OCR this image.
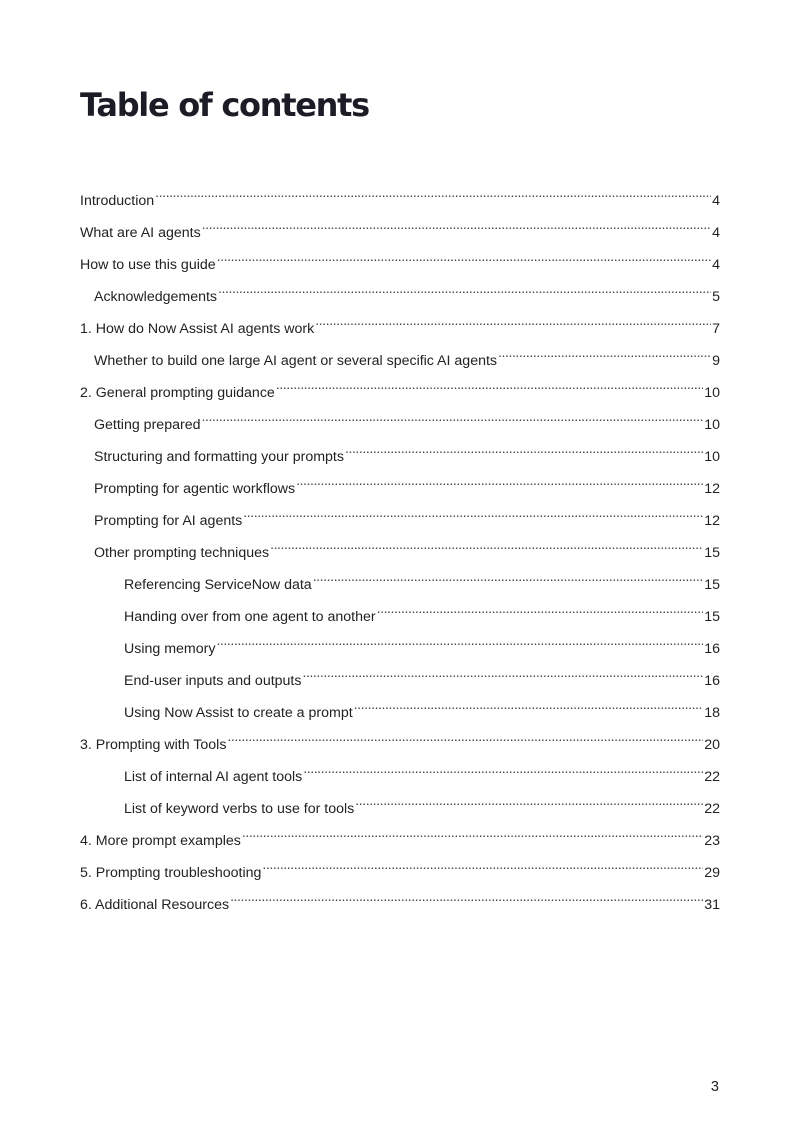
Table of contents
Introduction . . .	4
What are AI agents . . .	4
How to use this guide . . .	4
Acknowledgements . . .	5
1. How do Now Assist AI agents work . . .	7
Whether to build one large AI agent or several specific AI agents . . .	9
2. General prompting guidance . . .	10
Getting prepared . . .	10
Structuring and formatting your prompts . . .	10
Prompting for agentic workflows . . .	12
Prompting for AI agents . . .	12
Other prompting techniques . . .	15
Referencing ServiceNow data . . .	15
Handing over from one agent to another . . .	15
Using memory . . .	16
End-user inputs and outputs . . .	16
Using Now Assist to create a prompt . . .	18
3. Prompting with Tools . . .	20
List of internal AI agent tools . . .	22
List of keyword verbs to use for tools . . .	22
4. More prompt examples . . .	23
5. Prompting troubleshooting . . .	29
6. Additional Resources . . .	31
3
